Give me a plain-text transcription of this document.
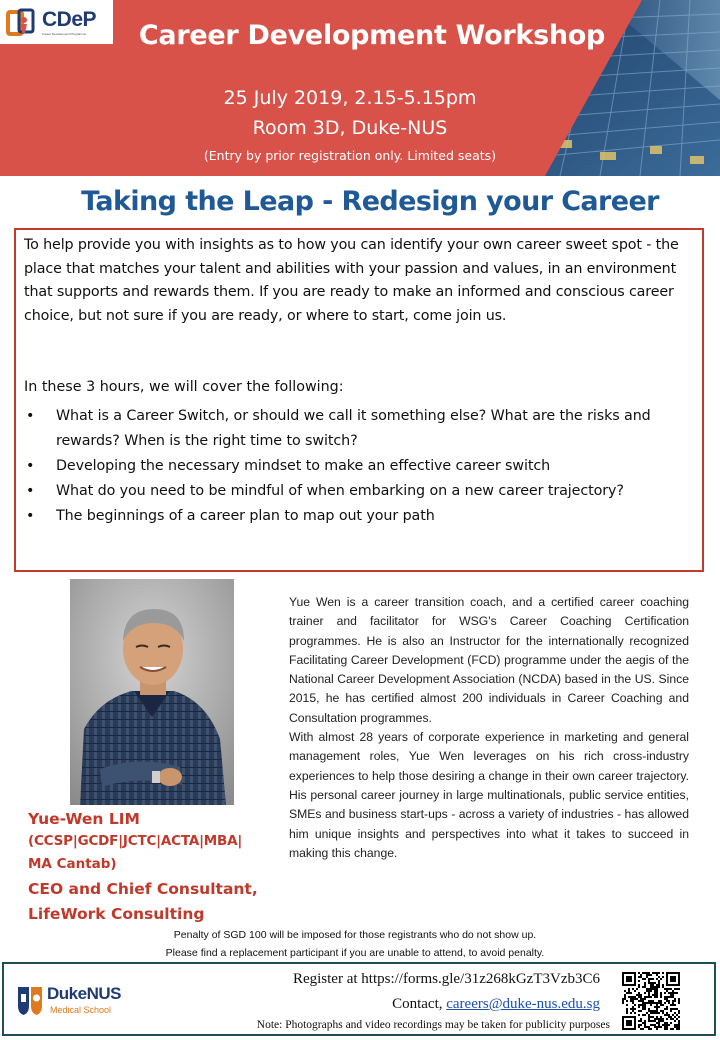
CDeP
Career Development Programme	Career Development Workshop
25 July 2019, 2.15-5.15pm
Room 3D, Duke-NUS
(Entry by prior registration only. Limited seats)
Taking the Leap - Redesign your Career
To help provide you with insights as to how you can identify your own career sweet spot - the place that matches your talent and abilities with your passion and values, in an environment that supports and rewards them. If you are ready to make an informed and conscious career choice, but not sure if you are ready, or where to start, come join us.
In these 3 hours, we will cover the following:
• What is a Career Switch, or should we call it something else? What are the risks and rewards? When is the right time to switch?
• Developing the necessary mindset to make an effective career switch
• What do you need to be mindful of when embarking on a new career trajectory?
• The beginnings of a career plan to map out your path
Yue-Wen LIM
(CCSP|GCDF|JCTC|ACTA|MBA|
MA Cantab)
CEO and Chief Consultant,
LifeWork Consulting

Yue Wen is a career transition coach, and a certified career coaching trainer and facilitator for WSG's Career Coaching Certification programmes. He is also an Instructor for the internationally recognized Facilitating Career Development (FCD) programme under the aegis of the National Career Development Association (NCDA) based in the US. Since 2015, he has certified almost 200 individuals in Career Coaching and Consultation programmes.

With almost 28 years of corporate experience in marketing and general management roles, Yue Wen leverages on his rich cross-industry experiences to help those desiring a change in their own career trajectory. His personal career journey in large multinationals, public service entities, SMEs and business start-ups - across a variety of industries - has allowed him unique insights and perspectives into what it takes to succeed in making this change.

Penalty of SGD 100 will be imposed for those registrants who do not show up.
Please find a replacement participant if you are unable to attend, to avoid penalty.
DukeNUS
Medical School
Register at https://forms.gle/31z268kGzT3Vzb3C6
Contact, careers@duke-nus.edu.sg
Note: Photographs and video recordings may be taken for publicity purposes
